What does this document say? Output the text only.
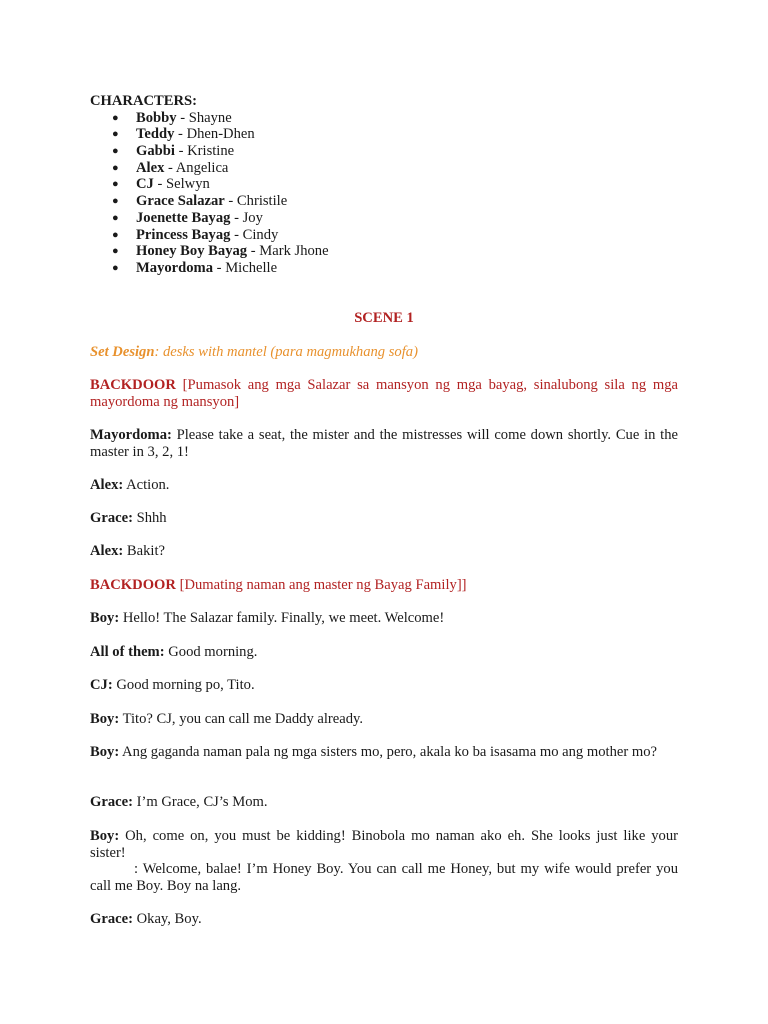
CHARACTERS:
● Bobby - Shayne
● Teddy - Dhen-Dhen
● Gabbi - Kristine
● Alex - Angelica
● CJ - Selwyn
● Grace Salazar - Christile
● Joenette Bayag - Joy
● Princess Bayag - Cindy
● Honey Boy Bayag - Mark Jhone
● Mayordoma - Michelle
SCENE 1
Set Design: desks with mantel (para magmukhang sofa)
BACKDOOR [Pumasok ang mga Salazar sa mansyon ng mga bayag, sinalubong sila ng mga mayordoma ng mansyon]
Mayordoma: Please take a seat, the mister and the mistresses will come down shortly. Cue in the master in 3, 2, 1!
Alex: Action.
Grace: Shhh
Alex: Bakit?
BACKDOOR [Dumating naman ang master ng Bayag Family]]
Boy: Hello! The Salazar family. Finally, we meet. Welcome!
All of them: Good morning.
CJ: Good morning po, Tito.
Boy: Tito? CJ, you can call me Daddy already.
Boy: Ang gaganda naman pala ng mga sisters mo, pero, akala ko ba isasama mo ang mother mo?
Grace: I’m Grace, CJ’s Mom.
Boy: Oh, come on, you must be kidding! Binobola mo naman ako eh. She looks just like your sister!
: Welcome, balae! I’m Honey Boy. You can call me Honey, but my wife would prefer you call me Boy. Boy na lang.
Grace: Okay, Boy.
